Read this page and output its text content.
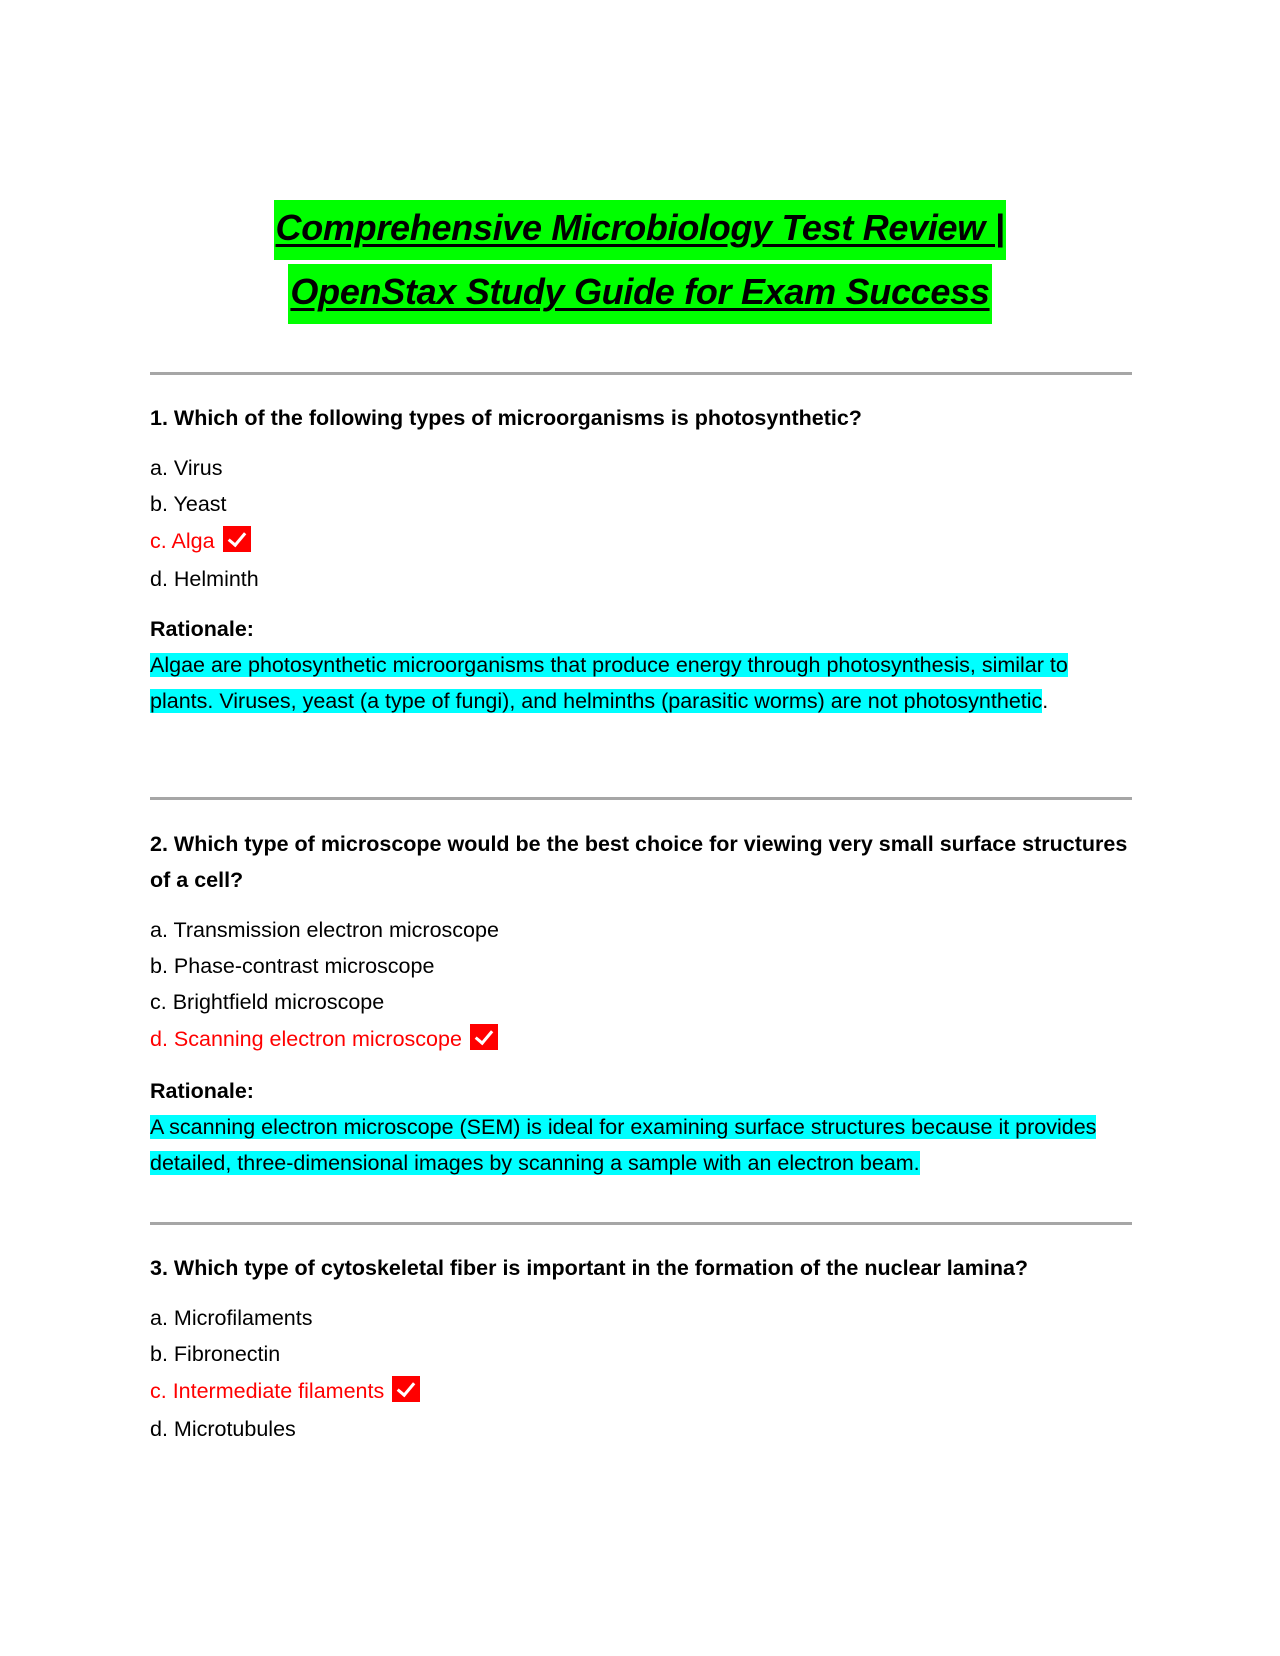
Comprehensive Microbiology Test Review |
OpenStax Study Guide for Exam Success

1. Which of the following types of microorganisms is photosynthetic?

a. Virus
b. Yeast
c. Alga
d. Helminth
Rationale:
Algae are photosynthetic microorganisms that produce energy through photosynthesis, similar to plants. Viruses, yeast (a type of fungi), and helminths (parasitic worms) are not photosynthetic.

2. Which type of microscope would be the best choice for viewing very small surface structures of a cell?

a. Transmission electron microscope
b. Phase-contrast microscope
c. Brightfield microscope
d. Scanning electron microscope
Rationale:
A scanning electron microscope (SEM) is ideal for examining surface structures because it provides detailed, three-dimensional images by scanning a sample with an electron beam.

3. Which type of cytoskeletal fiber is important in the formation of the nuclear lamina?

a. Microfilaments
b. Fibronectin
c. Intermediate filaments
d. Microtubules
